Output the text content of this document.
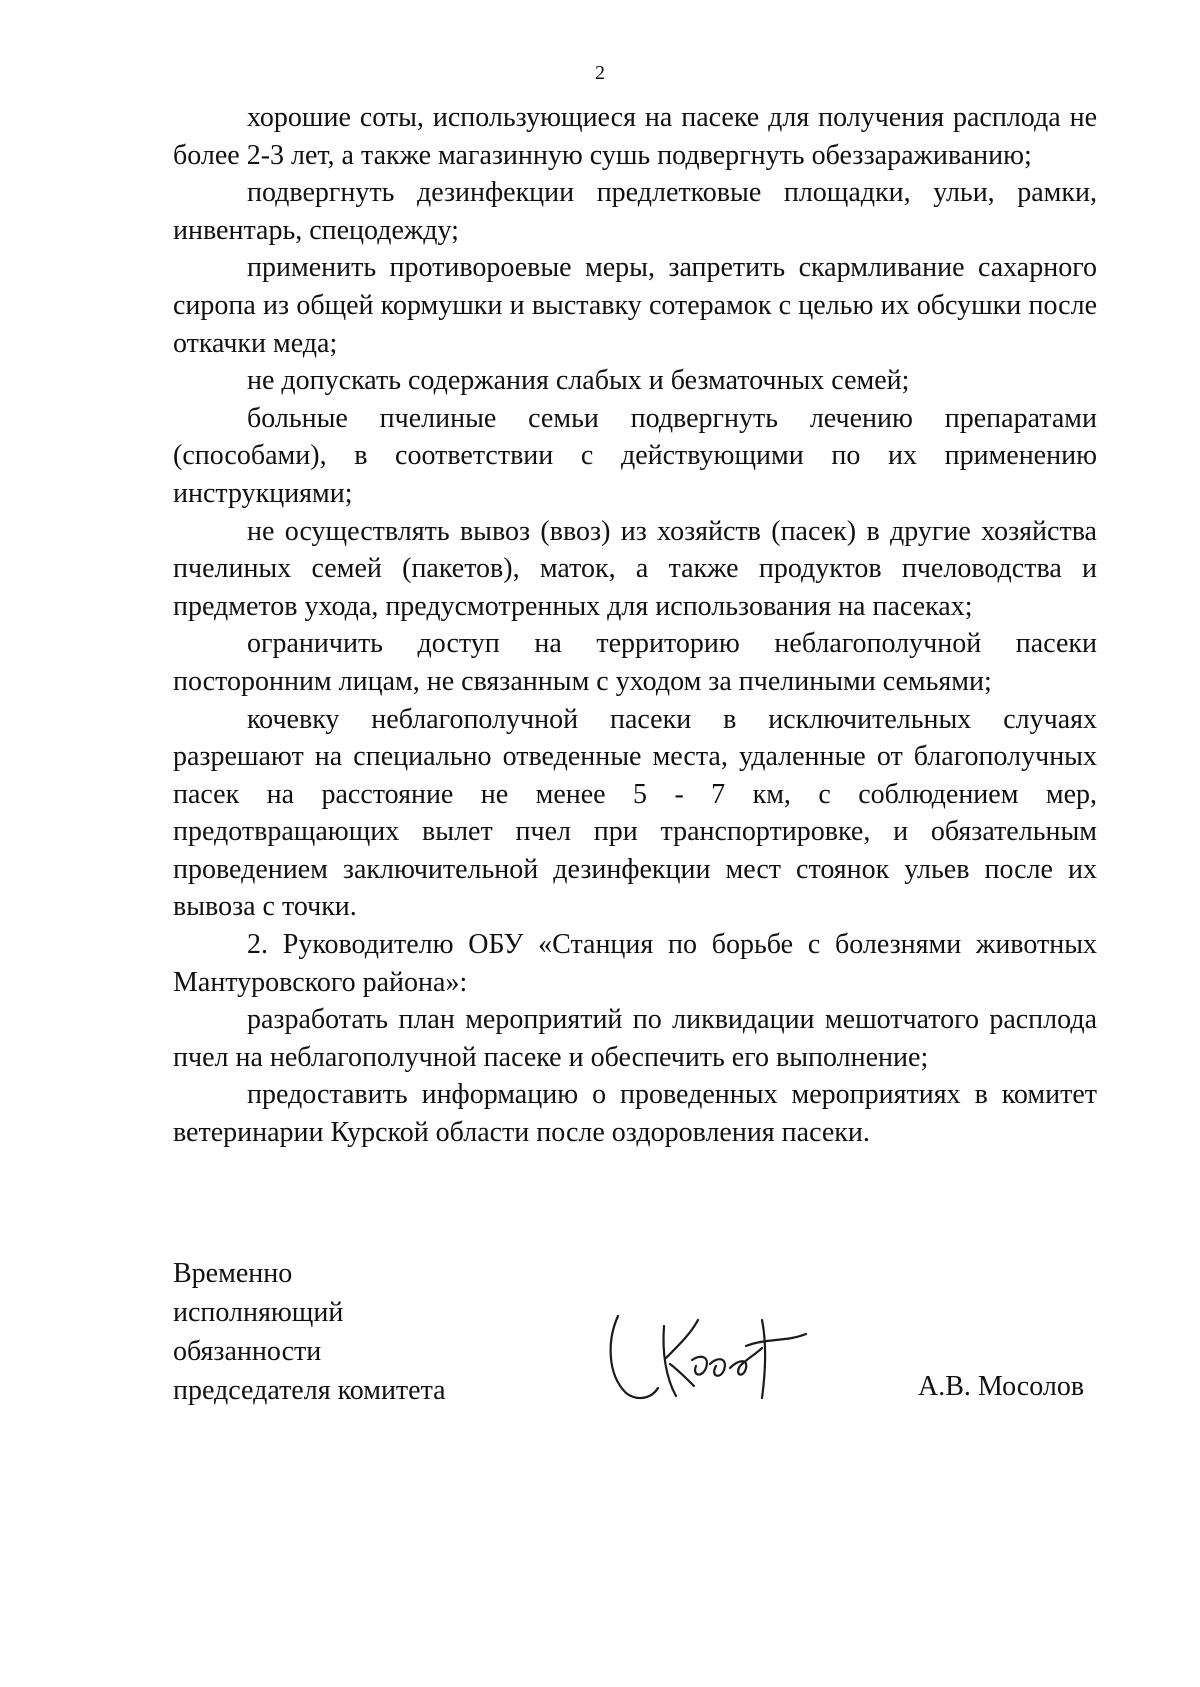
2

хорошие соты, использующиеся на пасеке для получения расплода не более 2-3 лет, а также магазинную сушь подвергнуть обеззараживанию;

подвергнуть дезинфекции предлетковые площадки, ульи, рамки, инвентарь, спецодежду;

применить противороевые меры, запретить скармливание сахарного сиропа из общей кормушки и выставку сотерамок с целью их обсушки после откачки меда;

не допускать содержания слабых и безматочных семей;

больные пчелиные семьи подвергнуть лечению препаратами (способами), в соответствии с действующими по их применению инструкциями;

не осуществлять вывоз (ввоз) из хозяйств (пасек) в другие хозяйства пчелиных семей (пакетов), маток, а также продуктов пчеловодства и предметов ухода, предусмотренных для использования на пасеках;

ограничить доступ на территорию неблагополучной пасеки посторонним лицам, не связанным с уходом за пчелиными семьями;

кочевку неблагополучной пасеки в исключительных случаях разрешают на специально отведенные места, удаленные от благополучных пасек на расстояние не менее 5 - 7 км, с соблюдением мер, предотвращающих вылет пчел при транспортировке, и обязательным проведением заключительной дезинфекции мест стоянок ульев после их вывоза с точки.

2. Руководителю ОБУ «Станция по борьбе с болезнями животных Мантуровского района»:

разработать план мероприятий по ликвидации мешотчатого расплода пчел на неблагополучной пасеке и обеспечить его выполнение;

предоставить информацию о проведенных мероприятиях в комитет ветеринарии Курской области после оздоровления пасеки.

Временно
исполняющий
обязанности
председателя комитета	А.В. Мосолов
